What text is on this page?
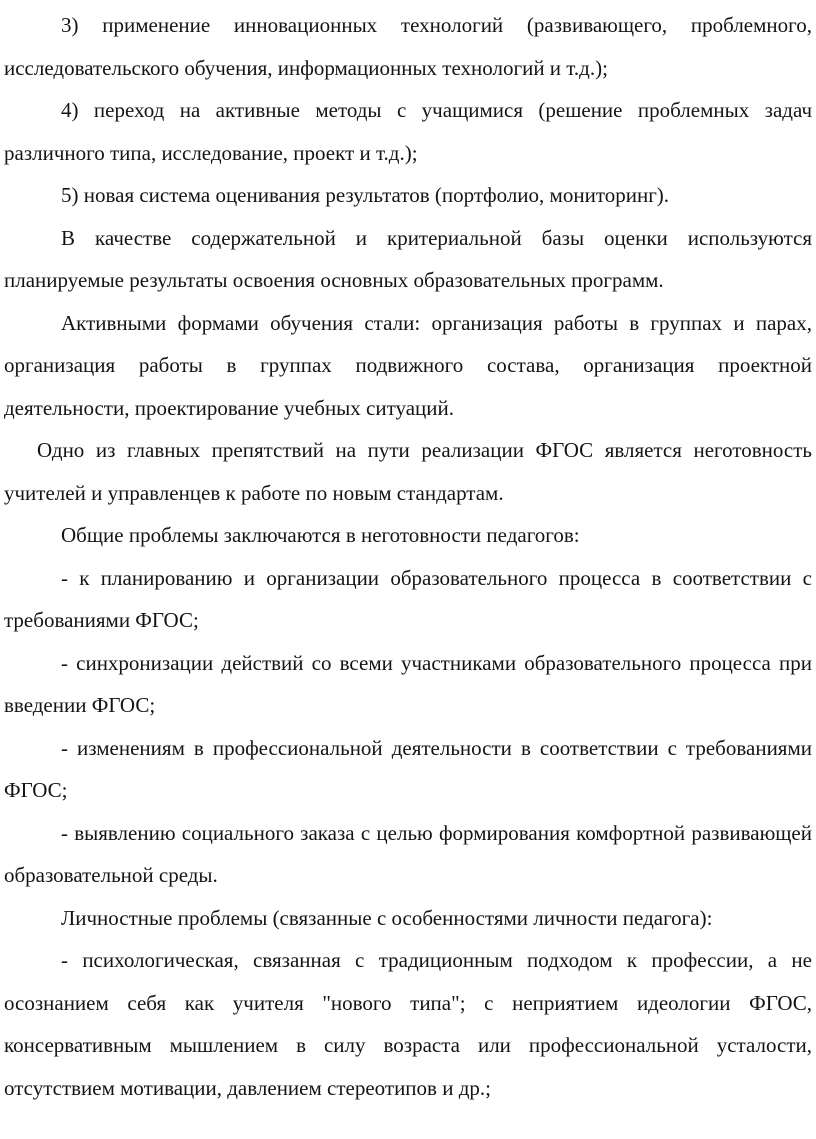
3) применение инновационных технологий (развивающего, проблемного, исследовательского обучения, информационных технологий и т.д.);

4) переход на активные методы с учащимися (решение проблемных задач различного типа, исследование, проект и т.д.);

5) новая система оценивания результатов (портфолио, мониторинг).

В качестве содержательной и критериальной базы оценки используются планируемые результаты освоения основных образовательных программ.

Активными формами обучения стали: организация работы в группах и парах, организация работы в группах подвижного состава, организация проектной деятельности, проектирование учебных ситуаций.

Одно из главных препятствий на пути реализации ФГОС является неготовность учителей и управленцев к работе по новым стандартам.

Общие проблемы заключаются в неготовности педагогов:

- к планированию и организации образовательного процесса в соответствии с требованиями ФГОС;

- синхронизации действий со всеми участниками образовательного процесса при введении ФГОС;

- изменениям в профессиональной деятельности в соответствии с требованиями ФГОС;

- выявлению социального заказа с целью формирования комфортной развивающей образовательной среды.

Личностные проблемы (связанные с особенностями личности педагога):

- психологическая, связанная с традиционным подходом к профессии, а не осознанием себя как учителя "нового типа"; с неприятием идеологии ФГОС, консервативным мышлением в силу возраста или профессиональной усталости, отсутствием мотивации, давлением стереотипов и др.;
